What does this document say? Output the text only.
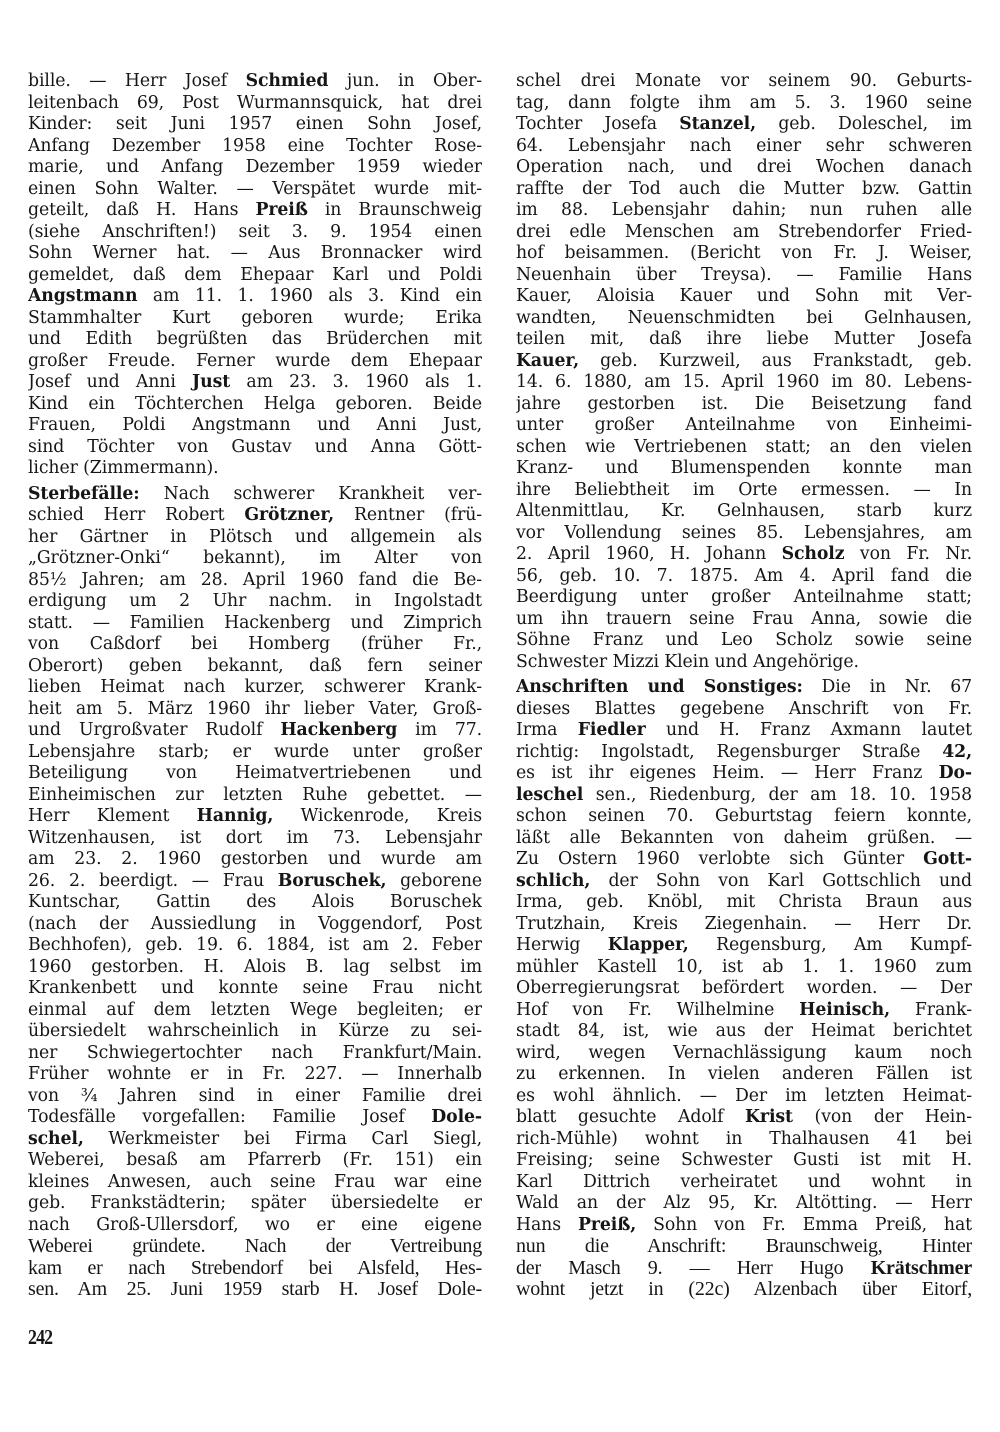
bille. — Herr Josef Schmied jun. in Ober-
leitenbach 69, Post Wurmannsquick, hat drei
Kinder: seit Juni 1957 einen Sohn Josef,
Anfang Dezember 1958 eine Tochter Rose-
marie, und Anfang Dezember 1959 wieder
einen Sohn Walter. — Verspätet wurde mit-
geteilt, daß H. Hans Preiß in Braunschweig
(siehe Anschriften!) seit 3. 9. 1954 einen
Sohn Werner hat. — Aus Bronnacker wird
gemeldet, daß dem Ehepaar Karl und Poldi
Angstmann am 11. 1. 1960 als 3. Kind ein
Stammhalter Kurt geboren wurde; Erika
und Edith begrüßten das Brüderchen mit
großer Freude. Ferner wurde dem Ehepaar
Josef und Anni Just am 23. 3. 1960 als 1.
Kind ein Töchterchen Helga geboren. Beide
Frauen, Poldi Angstmann und Anni Just,
sind Töchter von Gustav und Anna Gött-
licher (Zimmermann).
Sterbefälle: Nach schwerer Krankheit ver-
schied Herr Robert Grötzner, Rentner (frü-
her Gärtner in Plötsch und allgemein als
„Grötzner-Onki“ bekannt), im Alter von
85½ Jahren; am 28. April 1960 fand die Be-
erdigung um 2 Uhr nachm. in Ingolstadt
statt. — Familien Hackenberg und Zimprich
von Caßdorf bei Homberg (früher Fr.,
Oberort) geben bekannt, daß fern seiner
lieben Heimat nach kurzer, schwerer Krank-
heit am 5. März 1960 ihr lieber Vater, Groß-
und Urgroßvater Rudolf Hackenberg im 77.
Lebensjahre starb; er wurde unter großer
Beteiligung von Heimatvertriebenen und
Einheimischen zur letzten Ruhe gebettet. —
Herr Klement Hannig, Wickenrode, Kreis
Witzenhausen, ist dort im 73. Lebensjahr
am 23. 2. 1960 gestorben und wurde am
26. 2. beerdigt. — Frau Boruschek, geborene
Kuntschar, Gattin des Alois Boruschek
(nach der Aussiedlung in Voggendorf, Post
Bechhofen), geb. 19. 6. 1884, ist am 2. Feber
1960 gestorben. H. Alois B. lag selbst im
Krankenbett und konnte seine Frau nicht
einmal auf dem letzten Wege begleiten; er
übersiedelt wahrscheinlich in Kürze zu sei-
ner Schwiegertochter nach Frankfurt/Main.
Früher wohnte er in Fr. 227. — Innerhalb
von ¾ Jahren sind in einer Familie drei
Todesfälle vorgefallen: Familie Josef Dole-
schel, Werkmeister bei Firma Carl Siegl,
Weberei, besaß am Pfarrerb (Fr. 151) ein
kleines Anwesen, auch seine Frau war eine
geb. Frankstädterin; später übersiedelte er
nach Groß-Ullersdorf, wo er eine eigene
Weberei gründete. Nach der Vertreibung
kam er nach Strebendorf bei Alsfeld, Hes-
sen. Am 25. Juni 1959 starb H. Josef Dole-
schel drei Monate vor seinem 90. Geburts-
tag, dann folgte ihm am 5. 3. 1960 seine
Tochter Josefa Stanzel, geb. Doleschel, im
64. Lebensjahr nach einer sehr schweren
Operation nach, und drei Wochen danach
raffte der Tod auch die Mutter bzw. Gattin
im 88. Lebensjahr dahin; nun ruhen alle
drei edle Menschen am Strebendorfer Fried-
hof beisammen. (Bericht von Fr. J. Weiser,
Neuenhain über Treysa). — Familie Hans
Kauer, Aloisia Kauer und Sohn mit Ver-
wandten, Neuenschmidten bei Gelnhausen,
teilen mit, daß ihre liebe Mutter Josefa
Kauer, geb. Kurzweil, aus Frankstadt, geb.
14. 6. 1880, am 15. April 1960 im 80. Lebens-
jahre gestorben ist. Die Beisetzung fand
unter großer Anteilnahme von Einheimi-
schen wie Vertriebenen statt; an den vielen
Kranz- und Blumenspenden konnte man
ihre Beliebtheit im Orte ermessen. — In
Altenmittlau, Kr. Gelnhausen, starb kurz
vor Vollendung seines 85. Lebensjahres, am
2. April 1960, H. Johann Scholz von Fr. Nr.
56, geb. 10. 7. 1875. Am 4. April fand die
Beerdigung unter großer Anteilnahme statt;
um ihn trauern seine Frau Anna, sowie die
Söhne Franz und Leo Scholz sowie seine
Schwester Mizzi Klein und Angehörige.
Anschriften und Sonstiges: Die in Nr. 67
dieses Blattes gegebene Anschrift von Fr.
Irma Fiedler und H. Franz Axmann lautet
richtig: Ingolstadt, Regensburger Straße 42,
es ist ihr eigenes Heim. — Herr Franz Do-
leschel sen., Riedenburg, der am 18. 10. 1958
schon seinen 70. Geburtstag feiern konnte,
läßt alle Bekannten von daheim grüßen. —
Zu Ostern 1960 verlobte sich Günter Gott-
schlich, der Sohn von Karl Gottschlich und
Irma, geb. Knöbl, mit Christa Braun aus
Trutzhain, Kreis Ziegenhain. — Herr Dr.
Herwig Klapper, Regensburg, Am Kumpf-
mühler Kastell 10, ist ab 1. 1. 1960 zum
Oberregierungsrat befördert worden. — Der
Hof von Fr. Wilhelmine Heinisch, Frank-
stadt 84, ist, wie aus der Heimat berichtet
wird, wegen Vernachlässigung kaum noch
zu erkennen. In vielen anderen Fällen ist
es wohl ähnlich. — Der im letzten Heimat-
blatt gesuchte Adolf Krist (von der Hein-
rich-Mühle) wohnt in Thalhausen 41 bei
Freising; seine Schwester Gusti ist mit H.
Karl Dittrich verheiratet und wohnt in
Wald an der Alz 95, Kr. Altötting. — Herr
Hans Preiß, Sohn von Fr. Emma Preiß, hat
nun die Anschrift: Braunschweig, Hinter
der Masch 9. — Herr Hugo Krätschmer
wohnt jetzt in (22c) Alzenbach über Eitorf,
242
